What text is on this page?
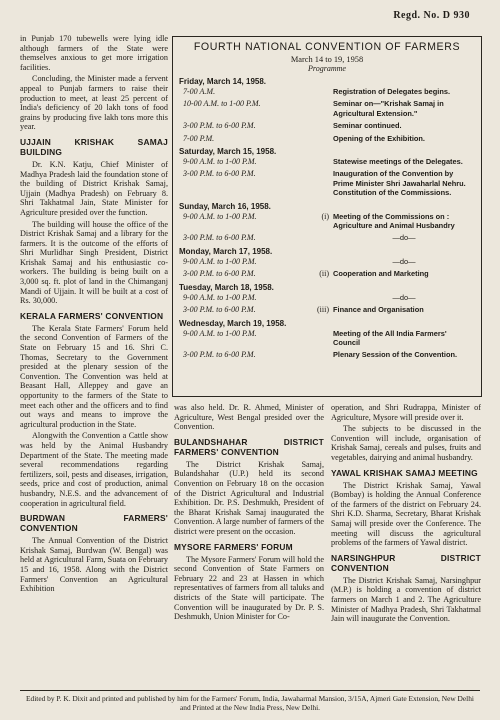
Regd. No. D 930

in Punjab 170 tubewells were lying idle although farmers of the State were themselves anxious to get more irrigation facilities.

Concluding, the Minister made a fervent appeal to Punjab farmers to raise their production to meet, at least 25 percent of India's deficiency of 20 lakh tons of food grains by producing five lakh tons more this year.

UJJAIN KRISHAK SAMAJ BUILDING

Dr. K.N. Katju, Chief Minister of Madhya Pradesh laid the foundation stone of the building of District Krishak Samaj, Ujjain (Madhya Pradesh) on February 8. Shri Takhatmal Jain, State Minister for Agriculture presided over the function.

The building will house the office of the District Krishak Samaj and a library for the farmers. It is the outcome of the efforts of Shri Murlidhar Singh President, District Krishak Samaj and his enthusiastic co-workers. The building is being built on a 3,000 sq. ft. plot of land in the Chimanganj Mandi of Ujjain. It will be built at a cost of Rs. 30,000.

KERALA FARMERS' CONVENTION

The Kerala State Farmers' Forum held the second Convention of Farmers of the State on February 15 and 16. Shri C. Thomas, Secretary to the Government presided at the plenary session of the Convention. The Convention was held at Beasant Hall, Alleppey and gave an opportunity to the farmers of the State to meet each other and the officers and to find out ways and means to improve the agricultural production in the State.

Alongwith the Convention a Cattle show was held by the Animal Husbandry Department of the State. The meeting made several recommendations regarding fertilizers, soil, pests and diseases, irrigation, seeds, price and cost of production, animal husbandry, N.E.S. and the advancement of cooperation in agricultural field.

BURDWAN FARMERS' CONVENTION

The Annual Convention of the District Krishak Samaj, Burdwan (W. Bengal) was held at Agricultural Farm, Suata on February 15 and 16, 1958. Along with the District Farmers' Convention an Agricultural Exhibition

FOURTH NATIONAL CONVENTION OF FARMERS
March 14 to 19, 1958
Programme
Friday, March 14, 1958.
7-00 A.M.	Registration of Delegates begins.
10-00 A.M. to 1-00 P.M.	Seminar on—"Krishak Samaj in Agricultural Extension."
3-00 P.M. to 6-00 P.M.	Seminar continued.
7-00 P.M.	Opening of the Exhibition.
Saturday, March 15, 1958.
9-00 A.M. to 1-00 P.M.	Statewise meetings of the Delegates.
3-00 P.M. to 6-00 P.M.	Inauguration of the Convention by Prime Minister Shri Jawaharlal Nehru. Constitution of the Commissions.
Sunday, March 16, 1958.
9-00 A.M. to 1-00 P.M.	(i) Meeting of the Commissions on : Agriculture and Animal Husbandry
3-00 P.M. to 6-00 P.M.	—do—
Monday, March 17, 1958.
9-00 A.M. to 1-00 P.M.	—do—
3-00 P.M. to 6-00 P.M.	(ii) Cooperation and Marketing
Tuesday, March 18, 1958.
9-00 A.M. to 1-00 P.M.	—do—
3-00 P.M. to 6-00 P.M.	(iii) Finance and Organisation
Wednesday, March 19, 1958.
9-00 A.M. to 1-00 P.M.	Meeting of the All India Farmers' Council
3-00 P.M. to 6-00 P.M.	Plenary Session of the Convention.

was also held. Dr. R. Ahmed, Minister of Agriculture, West Bengal presided over the Convention.

BULANDSHAHAR DISTRICT FARMERS' CONVENTION

The District Krishak Samaj, Bulandshahar (U.P.) held its second Convention on February 18 on the occasion of the District Agricultural and Industrial Exhibition. Dr. P.S. Deshmukh, President of the Bharat Krishak Samaj inaugurated the Convention. A large number of farmers of the district were present on the occasion.

MYSORE FARMERS' FORUM

The Mysore Farmers' Forum will hold the second Convention of State Farmers on February 22 and 23 at Hassen in which representatives of farmers from all taluks and districts of the State will participate. The Convention will be inaugurated by Dr. P. S. Deshmukh, Union Minister for Co-

operation, and Shri Rudrappa, Minister of Agriculture, Mysore will preside over it.

The subjects to be discussed in the Convention will include, organisation of Krishak Samaj, cereals and pulses, fruits and vegetables, dairying and animal husbandry.

YAWAL KRISHAK SAMAJ MEETING

The District Krishak Samaj, Yawal (Bombay) is holding the Annual Conference of the farmers of the district on February 24. Shri K.D. Sharma, Secretary, Bharat Krishak Samaj will preside over the Conference. The meeting will discuss the agricultural problems of the farmers of Yawal district.

NARSINGHPUR DISTRICT CONVENTION

The District Krishak Samaj, Narsinghpur (M.P.) is holding a convention of district farmers on March 1 and 2. The Agriculture Minister of Madhya Pradesh, Shri Takhatmal Jain will inaugurate the Convention.

Edited by P. K. Dixit and printed and published by him for the Farmers' Forum, India, Jawaharmal Mansion, 3/15A, Ajmeri Gate Extension, New Delhi and Printed at the New India Press, New Delhi.
